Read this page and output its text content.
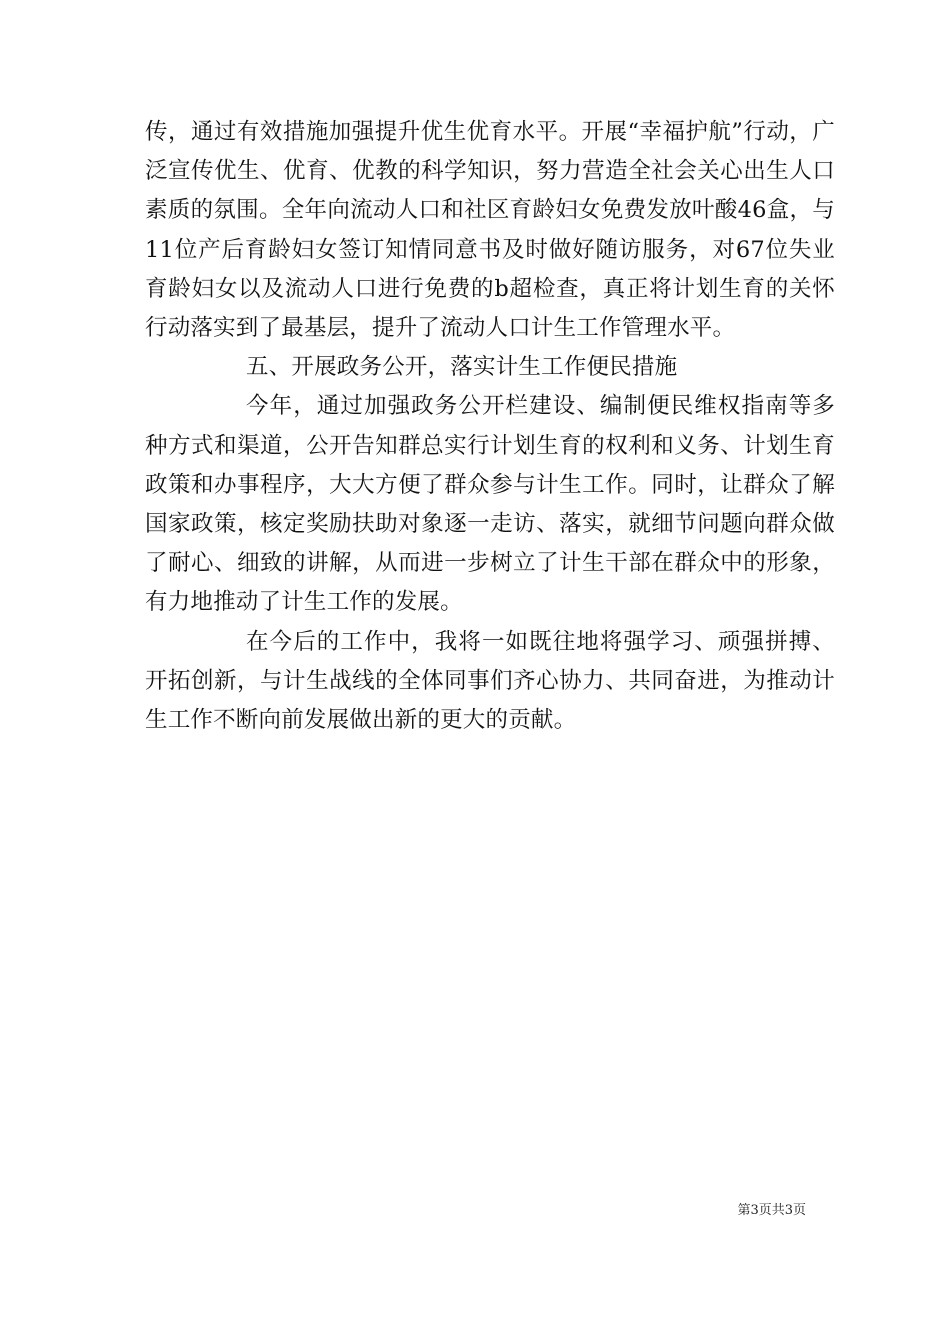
传，通过有效措施加强提升优生优育水平。开展“幸福护航”行动，广泛宣传优生、优育、优教的科学知识，努力营造全社会关心出生人口素质的氛围。全年向流动人口和社区育龄妇女免费发放叶酸46盒，与11位产后育龄妇女签订知情同意书及时做好随访服务，对67位失业育龄妇女以及流动人口进行免费的b超检查，真正将计划生育的关怀行动落实到了最基层，提升了流动人口计生工作管理水平。

五、开展政务公开，落实计生工作便民措施

今年，通过加强政务公开栏建设、编制便民维权指南等多种方式和渠道，公开告知群总实行计划生育的权利和义务、计划生育政策和办事程序，大大方便了群众参与计生工作。同时，让群众了解国家政策，核定奖励扶助对象逐一走访、落实，就细节问题向群众做了耐心、细致的讲解，从而进一步树立了计生干部在群众中的形象，有力地推动了计生工作的发展。

在今后的工作中，我将一如既往地将强学习、顽强拼搏、开拓创新，与计生战线的全体同事们齐心协力、共同奋进，为推动计生工作不断向前发展做出新的更大的贡献。

第3页共3页
